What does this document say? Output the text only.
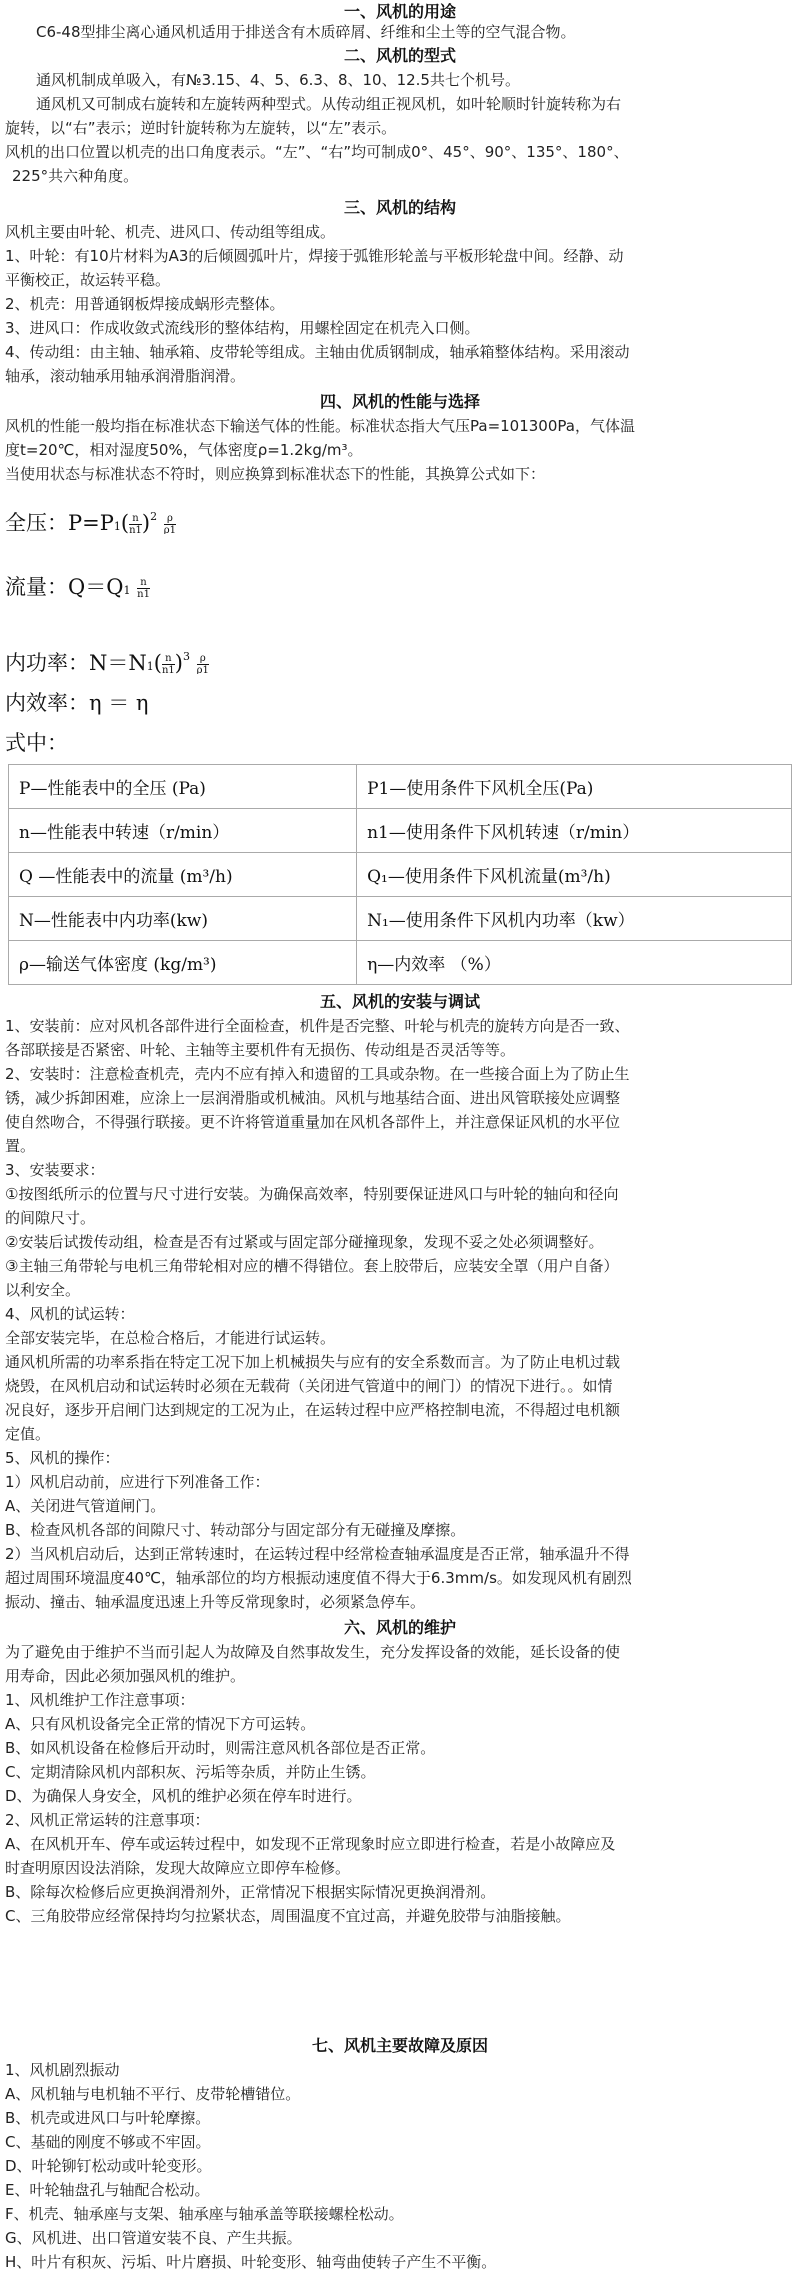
一、风机的用途
C6-48型排尘离心通风机适用于排送含有木质碎屑、纤维和尘土等的空气混合物。
二、风机的型式
通风机制成单吸入，有№3.15、4、5、6.3、8、10、12.5共七个机号。
通风机又可制成右旋转和左旋转两种型式。从传动组正视风机，如叶轮顺时针旋转称为右
旋转，以“右”表示；逆时针旋转称为左旋转，以“左”表示。
风机的出口位置以机壳的出口角度表示。“左”、“右”均可制成0°、45°、90°、135°、180°、
225°共六种角度。
三、风机的结构
风机主要由叶轮、机壳、进风口、传动组等组成。
1、叶轮：有10片材料为A3的后倾圆弧叶片，焊接于弧锥形轮盖与平板形轮盘中间。经静、动
平衡校正，故运转平稳。
2、机壳：用普通钢板焊接成蜗形壳整体。
3、进风口：作成收敛式流线形的整体结构，用螺栓固定在机壳入口侧。
4、传动组：由主轴、轴承箱、皮带轮等组成。主轴由优质钢制成，轴承箱整体结构。采用滚动
轴承，滚动轴承用轴承润滑脂润滑。
四、风机的性能与选择
风机的性能一般均指在标准状态下输送气体的性能。标准状态指大气压Pa=101300Pa，气体温
度t=20℃，相对湿度50%，气体密度ρ=1.2kg/m³。
当使用状态与标准状态不符时，则应换算到标准状态下的性能，其换算公式如下：
全压：$P=P1( \frac{n}{n1} )^2 \frac{\rho}{\rho 1}$
流量：$Q=Q1 \frac{n}{n1}$
内功率：$N=N1( \frac{n}{n1} )^3 \frac{\rho}{\rho 1}$
内效率：η ＝ η
式中：
P—性能表中的全压 (Pa)	P1—使用条件下风机全压(Pa)
n—性能表中转速（r/min）	n1—使用条件下风机转速（r/min）
Q —性能表中的流量 (m³/h)	Q₁—使用条件下风机流量(m³/h)
N—性能表中内功率(kw)	N₁—使用条件下风机内功率（kw）
ρ—输送气体密度 (kg/m³)	η—内效率 （%）
五、风机的安装与调试
1、安装前：应对风机各部件进行全面检查，机件是否完整、叶轮与机壳的旋转方向是否一致、
各部联接是否紧密、叶轮、主轴等主要机件有无损伤、传动组是否灵活等等。
2、安装时：注意检查机壳，壳内不应有掉入和遗留的工具或杂物。在一些接合面上为了防止生
锈，减少拆卸困难，应涂上一层润滑脂或机械油。风机与地基结合面、进出风管联接处应调整
使自然吻合，不得强行联接。更不许将管道重量加在风机各部件上，并注意保证风机的水平位
置。
3、安装要求：
①按图纸所示的位置与尺寸进行安装。为确保高效率，特别要保证进风口与叶轮的轴向和径向
的间隙尺寸。
②安装后试拨传动组，检查是否有过紧或与固定部分碰撞现象，发现不妥之处必须调整好。
③主轴三角带轮与电机三角带轮相对应的槽不得错位。套上胶带后，应装安全罩（用户自备）
以利安全。
4、风机的试运转：
全部安装完毕，在总检合格后，才能进行试运转。
通风机所需的功率系指在特定工况下加上机械损失与应有的安全系数而言。为了防止电机过载
烧毁，在风机启动和试运转时必须在无载荷（关闭进气管道中的闸门）的情况下进行。。如情
况良好，逐步开启闸门达到规定的工况为止，在运转过程中应严格控制电流，不得超过电机额
定值。
5、风机的操作：
1）风机启动前，应进行下列准备工作：
A、关闭进气管道闸门。
B、检查风机各部的间隙尺寸、转动部分与固定部分有无碰撞及摩擦。
2）当风机启动后，达到正常转速时，在运转过程中经常检查轴承温度是否正常，轴承温升不得
超过周围环境温度40℃，轴承部位的均方根振动速度值不得大于6.3mm/s。如发现风机有剧烈
振动、撞击、轴承温度迅速上升等反常现象时，必须紧急停车。
六、风机的维护
为了避免由于维护不当而引起人为故障及自然事故发生，充分发挥设备的效能，延长设备的使
用寿命，因此必须加强风机的维护。
1、风机维护工作注意事项：
A、只有风机设备完全正常的情况下方可运转。
B、如风机设备在检修后开动时，则需注意风机各部位是否正常。
C、定期清除风机内部积灰、污垢等杂质，并防止生锈。
D、为确保人身安全，风机的维护必须在停车时进行。
2、风机正常运转的注意事项：
A、在风机开车、停车或运转过程中，如发现不正常现象时应立即进行检查，若是小故障应及
时查明原因设法消除，发现大故障应立即停车检修。
B、除每次检修后应更换润滑剂外，正常情况下根据实际情况更换润滑剂。
C、三角胶带应经常保持均匀拉紧状态，周围温度不宜过高，并避免胶带与油脂接触。
七、风机主要故障及原因
1、风机剧烈振动
A、风机轴与电机轴不平行、皮带轮槽错位。
B、机壳或进风口与叶轮摩擦。
C、基础的刚度不够或不牢固。
D、叶轮铆钉松动或叶轮变形。
E、叶轮轴盘孔与轴配合松动。
F、机壳、轴承座与支架、轴承座与轴承盖等联接螺栓松动。
G、风机进、出口管道安装不良、产生共振。
H、叶片有积灰、污垢、叶片磨损、叶轮变形、轴弯曲使转子产生不平衡。
